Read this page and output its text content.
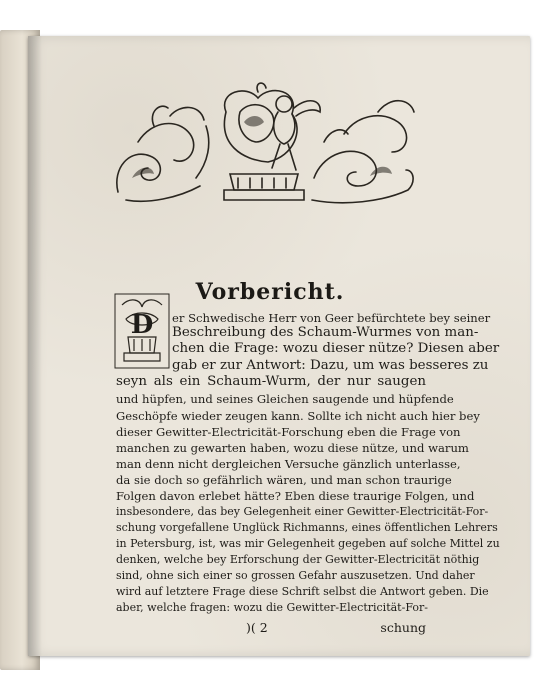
Vorbericht.
D er Schwedische Herr von Geer befürchtete bey seiner

Beschreibung des Schaum-Wurmes von man-

chen die Frage: wozu dieser nütze? Diesen aber

gab er zur Antwort: Dazu, um was besseres zu

seyn als ein Schaum-Wurm, der nur saugen

und hüpfen, und seines Gleichen saugende und hüpfende

Geschöpfe wieder zeugen kann. Sollte ich nicht auch hier bey

dieser Gewitter-Electricität-Forschung eben die Frage von

manchen zu gewarten haben, wozu diese nütze, und warum

man denn nicht dergleichen Versuche gänzlich unterlasse,

da sie doch so gefährlich wären, und man schon traurige

Folgen davon erlebet hätte? Eben diese traurige Folgen, und

insbesondere, das bey Gelegenheit einer Gewitter-Electricität-For-

schung vorgefallene Unglück Richmanns, eines öffentlichen Lehrers

in Petersburg, ist, was mir Gelegenheit gegeben auf solche Mittel zu

denken, welche bey Erforschung der Gewitter-Electricität nöthig

sind, ohne sich einer so grossen Gefahr auszusetzen. Und daher

wird auf letztere Frage diese Schrift selbst die Antwort geben. Die

aber, welche fragen: wozu die Gewitter-Electricität-For-

)( 2	schung
